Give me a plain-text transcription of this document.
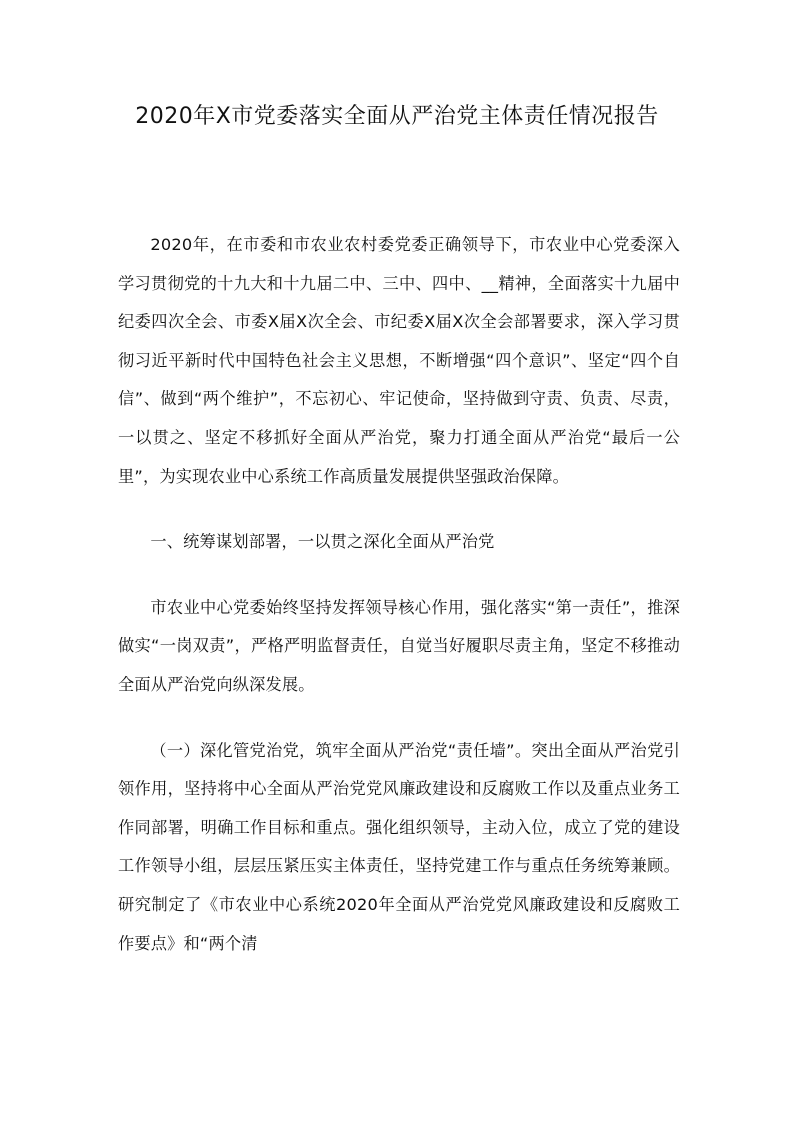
2020年X市党委落实全面从严治党主体责任情况报告

2020年，在市委和市农业农村委党委正确领导下，市农业中心党委深入学习贯彻党的十九大和十九届二中、三中、四中、__精神，全面落实十九届中纪委四次全会、市委X届X次全会、市纪委X届X次全会部署要求，深入学习贯彻习近平新时代中国特色社会主义思想，不断增强“四个意识”、坚定“四个自信”、做到“两个维护”，不忘初心、牢记使命，坚持做到守责、负责、尽责，一以贯之、坚定不移抓好全面从严治党，聚力打通全面从严治党“最后一公里”，为实现农业中心系统工作高质量发展提供坚强政治保障。

一、统筹谋划部署，一以贯之深化全面从严治党

市农业中心党委始终坚持发挥领导核心作用，强化落实“第一责任”，推深做实“一岗双责”，严格严明监督责任，自觉当好履职尽责主角，坚定不移推动全面从严治党向纵深发展。

（一）深化管党治党，筑牢全面从严治党“责任墙”。突出全面从严治党引领作用，坚持将中心全面从严治党党风廉政建设和反腐败工作以及重点业务工作同部署，明确工作目标和重点。强化组织领导，主动入位，成立了党的建设工作领导小组，层层压紧压实主体责任，坚持党建工作与重点任务统筹兼顾。研究制定了《市农业中心系统2020年全面从严治党党风廉政建设和反腐败工作要点》和“两个清
